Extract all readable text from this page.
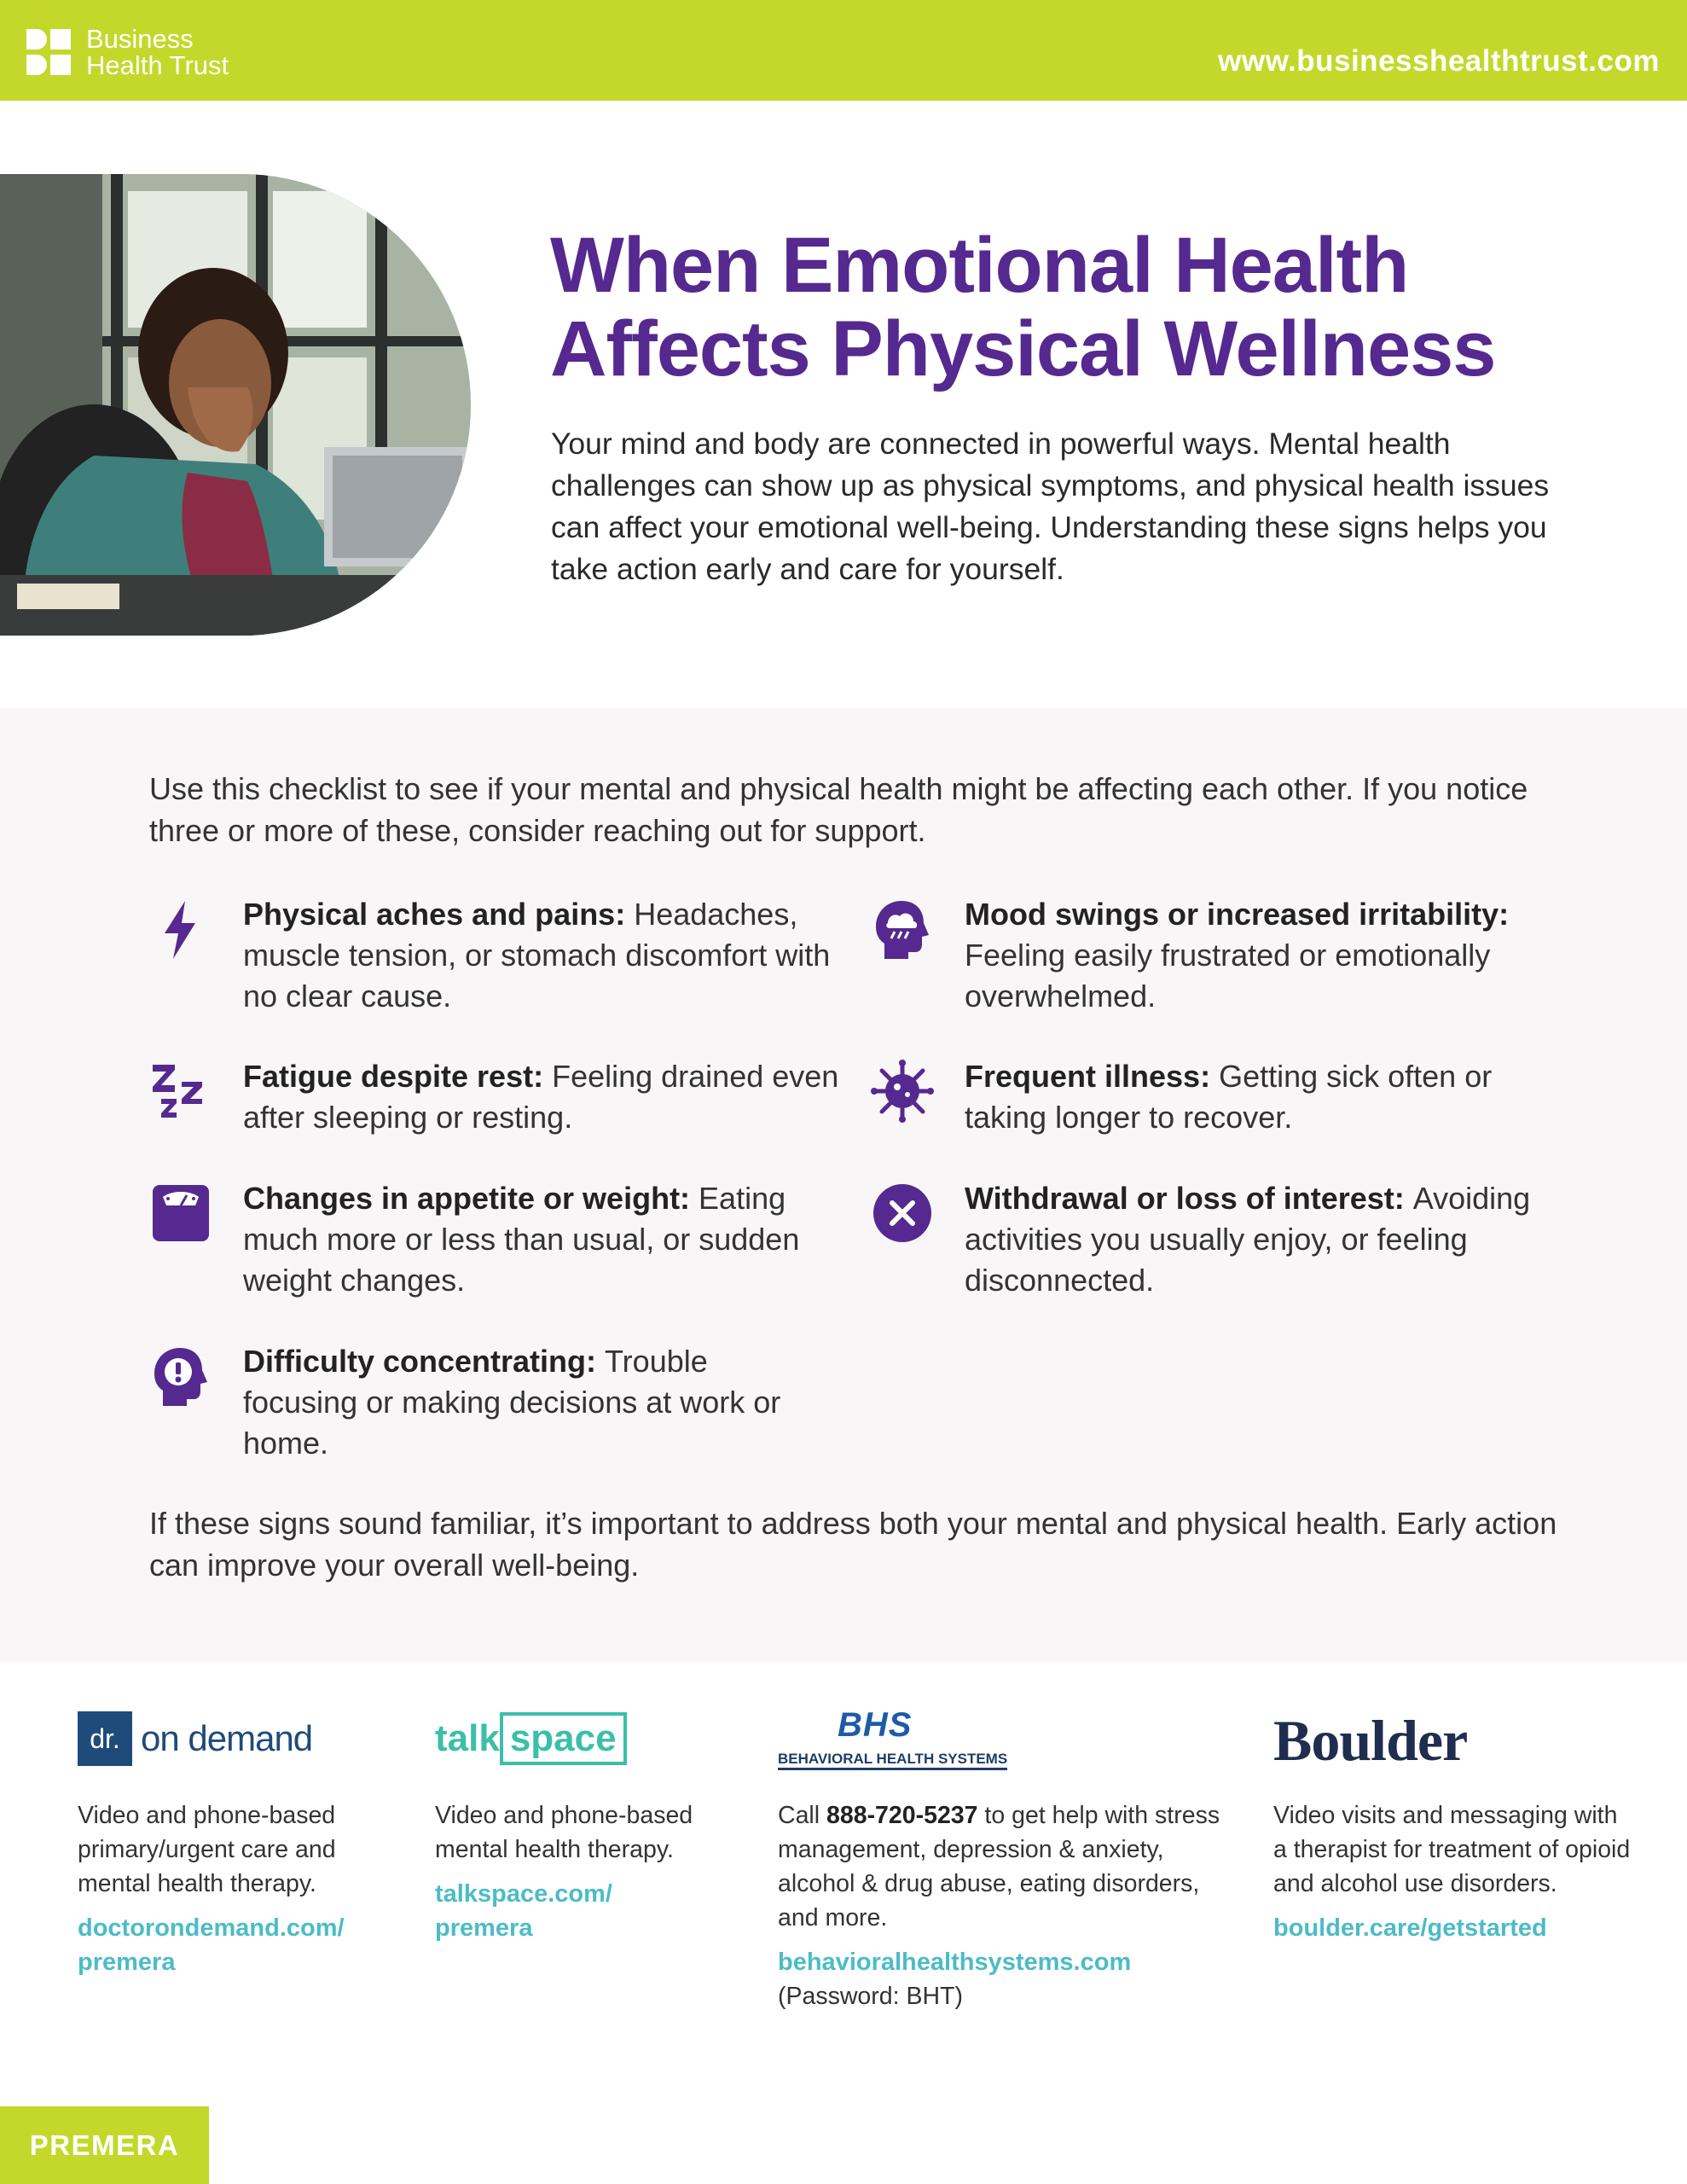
Business
Health Trust	www.businesshealthtrust.com
When Emotional Health
Affects Physical Wellness

Your mind and body are connected in powerful ways. Mental health challenges can show up as physical symptoms, and physical health issues can affect your emotional well-being. Understanding these signs helps you take action early and care for yourself.

Use this checklist to see if your mental and physical health might be affecting each other. If you notice three or more of these, consider reaching out for support.

Physical aches and pains: Headaches, muscle tension, or stomach discomfort with no clear cause.
Mood swings or increased irritability: Feeling easily frustrated or emotionally overwhelmed.
Fatigue despite rest: Feeling drained even after sleeping or resting.
Frequent illness: Getting sick often or taking longer to recover.
Changes in appetite or weight: Eating much more or less than usual, or sudden weight changes.
Withdrawal or loss of interest: Avoiding activities you usually enjoy, or feeling disconnected.
Difficulty concentrating: Trouble focusing or making decisions at work or home.

If these signs sound familiar, it’s important to address both your mental and physical health. Early action can improve your overall well-being.

dr. on demand

Video and phone-based primary/urgent care and mental health therapy.

doctorondemand.com/
premera
talk space

Video and phone-based mental health therapy.

talkspace.com/
premera
BHS
BEHAVIORAL HEALTH SYSTEMS

Call 888-720-5237 to get help with stress management, depression & anxiety, alcohol & drug abuse, eating disorders, and more.

behavioralhealthsystems.com
(Password: BHT)
Boulder

Video visits and messaging with a therapist for treatment of opioid and alcohol use disorders.

boulder.care/getstarted
PREMERA
